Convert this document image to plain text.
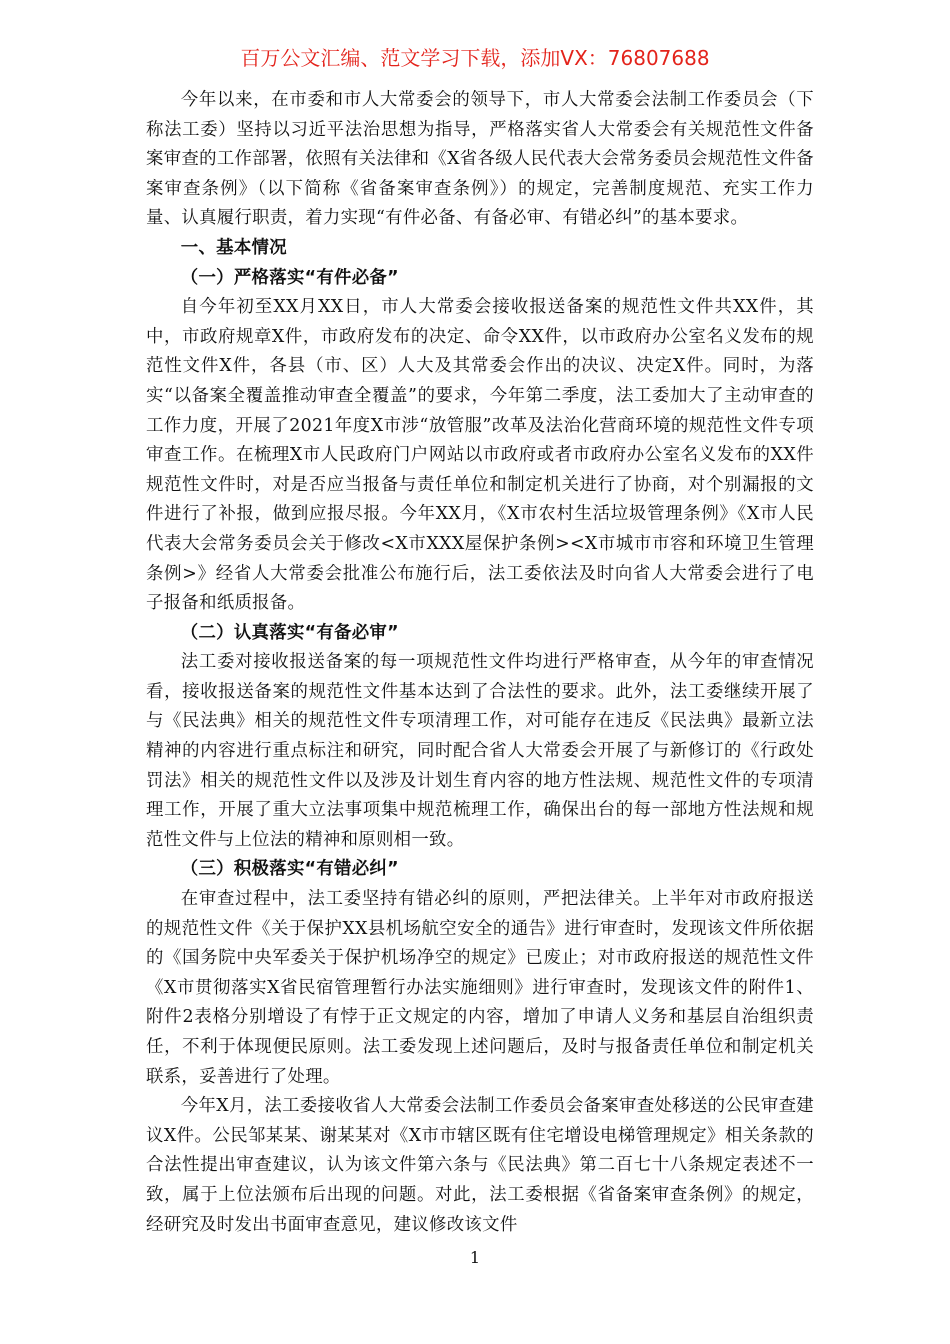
百万公文汇编、范文学习下载，添加VX：76807688

今年以来，在市委和市人大常委会的领导下，市人大常委会法制工作委员会（下称法工委）坚持以习近平法治思想为指导，严格落实省人大常委会有关规范性文件备案审查的工作部署，依照有关法律和《X省各级人民代表大会常务委员会规范性文件备案审查条例》（以下简称《省备案审查条例》）的规定，完善制度规范、充实工作力量、认真履行职责，着力实现“有件必备、有备必审、有错必纠”的基本要求。

一、基本情况
（一）严格落实“有件必备”

自今年初至XX月XX日，市人大常委会接收报送备案的规范性文件共XX件，其中，市政府规章X件，市政府发布的决定、命令XX件，以市政府办公室名义发布的规范性文件X件，各县（市、区）人大及其常委会作出的决议、决定X件。同时，为落实“以备案全覆盖推动审查全覆盖”的要求，今年第二季度，法工委加大了主动审查的工作力度，开展了2021年度X市涉“放管服”改革及法治化营商环境的规范性文件专项审查工作。在梳理X市人民政府门户网站以市政府或者市政府办公室名义发布的XX件规范性文件时，对是否应当报备与责任单位和制定机关进行了协商，对个别漏报的文件进行了补报，做到应报尽报。今年XX月，《X市农村生活垃圾管理条例》《X市人民代表大会常务委员会关于修改<X市XXX屋保护条例><X市城市市容和环境卫生管理条例>》经省人大常委会批准公布施行后，法工委依法及时向省人大常委会进行了电子报备和纸质报备。

（二）认真落实“有备必审”

法工委对接收报送备案的每一项规范性文件均进行严格审查，从今年的审查情况看，接收报送备案的规范性文件基本达到了合法性的要求。此外，法工委继续开展了与《民法典》相关的规范性文件专项清理工作，对可能存在违反《民法典》最新立法精神的内容进行重点标注和研究，同时配合省人大常委会开展了与新修订的《行政处罚法》相关的规范性文件以及涉及计划生育内容的地方性法规、规范性文件的专项清理工作，开展了重大立法事项集中规范梳理工作，确保出台的每一部地方性法规和规范性文件与上位法的精神和原则相一致。

（三）积极落实“有错必纠”

在审查过程中，法工委坚持有错必纠的原则，严把法律关。上半年对市政府报送的规范性文件《关于保护XX县机场航空安全的通告》进行审查时，发现该文件所依据的《国务院中央军委关于保护机场净空的规定》已废止；对市政府报送的规范性文件《X市贯彻落实X省民宿管理暂行办法实施细则》进行审查时，发现该文件的附件1、附件2表格分别增设了有悖于正文规定的内容，增加了申请人义务和基层自治组织责任，不利于体现便民原则。法工委发现上述问题后，及时与报备责任单位和制定机关联系，妥善进行了处理。

今年X月，法工委接收省人大常委会法制工作委员会备案审查处移送的公民审查建议X件。公民邹某某、谢某某对《X市市辖区既有住宅增设电梯管理规定》相关条款的合法性提出审查建议，认为该文件第六条与《民法典》第二百七十八条规定表述不一致，属于上位法颁布后出现的问题。对此，法工委根据《省备案审查条例》的规定，经研究及时发出书面审查意见，建议修改该文件

1
